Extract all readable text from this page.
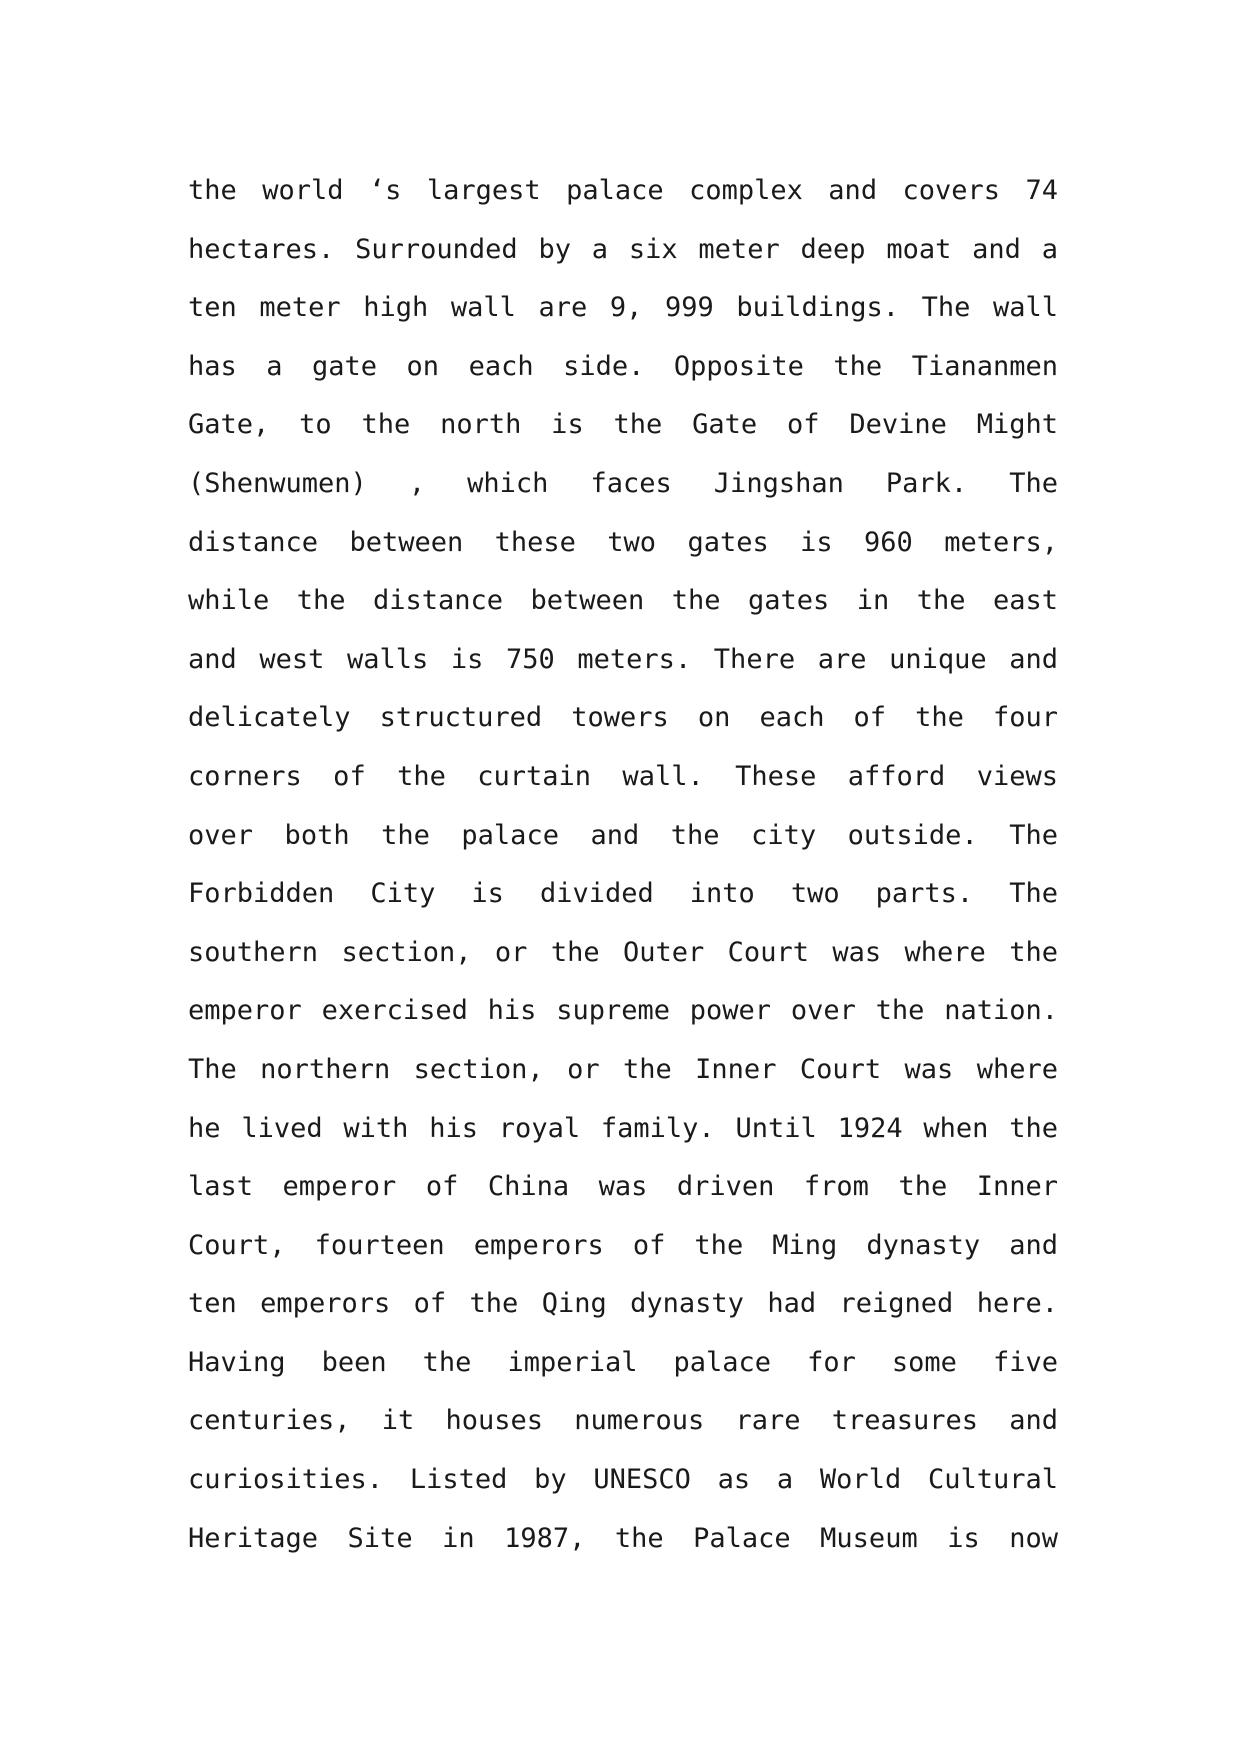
the world ‘s largest palace complex and covers 74
hectares. Surrounded by a six meter deep moat and a
ten meter high wall are 9, 999 buildings. The wall
has a gate on each side. Opposite the Tiananmen
Gate, to the north is the Gate of Devine Might
(Shenwumen) , which faces Jingshan Park. The
distance between these two gates is 960 meters,
while the distance between the gates in the east
and west walls is 750 meters. There are unique and
delicately structured towers on each of the four
corners of the curtain wall. These afford views
over both the palace and the city outside. The
Forbidden City is divided into two parts. The
southern section, or the Outer Court was where the
emperor exercised his supreme power over the nation.
The northern section, or the Inner Court was where
he lived with his royal family. Until 1924 when the
last emperor of China was driven from the Inner
Court, fourteen emperors of the Ming dynasty and
ten emperors of the Qing dynasty had reigned here.
Having been the imperial palace for some five
centuries, it houses numerous rare treasures and
curiosities. Listed by UNESCO as a World Cultural
Heritage Site in 1987, the Palace Museum is now
